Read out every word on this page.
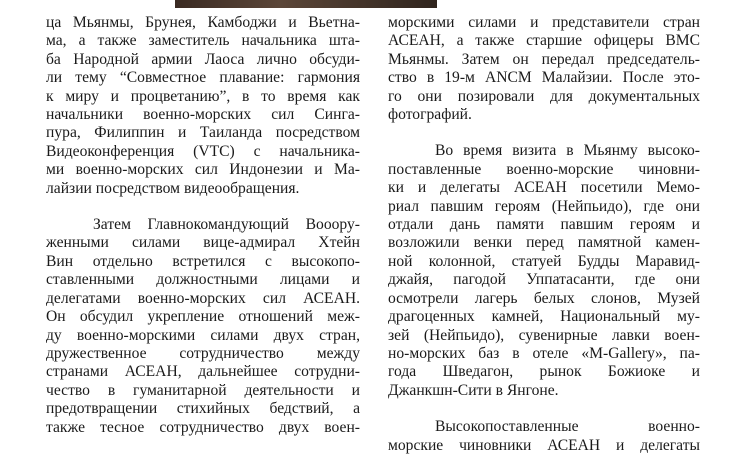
ца Мьянмы, Брунея, Камбоджи и Вьетна-
ма, а также заместитель начальника шта-
ба Народной армии Лаоса лично обсуди-
ли тему “Совместное плавание: гармония
к миру и процветанию”, в то время как
начальники военно-морских сил Синга-
пура, Филиппин и Таиланда посредством
Видеоконференция (VTC) с начальника-
ми военно-морских сил Индонезии и Ма-
лайзии посредством видеообращения.
Затем Главнокомандующий Вооору-
женными силами вице-адмирал Хтейн
Вин отдельно встретился с высокопо-
ставленными должностными лицами и
делегатами военно-морских сил АСЕАН.
Он обсудил укрепление отношений меж-
ду военно-морскими силами двух стран,
дружественное сотрудничество между
странами АСЕАН, дальнейшее сотрудни-
чество в гуманитарной деятельности и
предотвращении стихийных бедствий, а
также тесное сотрудничество двух воен-
морскими силами и представители стран
АСЕАН, а также старшие офицеры ВМС
Мьянмы. Затем он передал председатель-
ство в 19-м ANCM Малайзии. После это-
го они позировали для документальных
фотографий.
Во время визита в Мьянму высоко-
поставленные военно-морские чиновни-
ки и делегаты АСЕАН посетили Мемо-
риал павшим героям (Нейпьидо), где они
отдали дань памяти павшим героям и
возложили венки перед памятной камен-
ной колонной, статуей Будды Маравид-
джайя, пагодой Уппатасанти, где они
осмотрели лагерь белых слонов, Музей
драгоценных камней, Национальный му-
зей (Нейпьидо), сувенирные лавки воен-
но-морских баз в отеле «M-Gallery», па-
года Шведагон, рынок Божиоке и
Джанкшн-Сити в Янгоне.
Высокопоставленные военно-
морские чиновники АСЕАН и делегаты
